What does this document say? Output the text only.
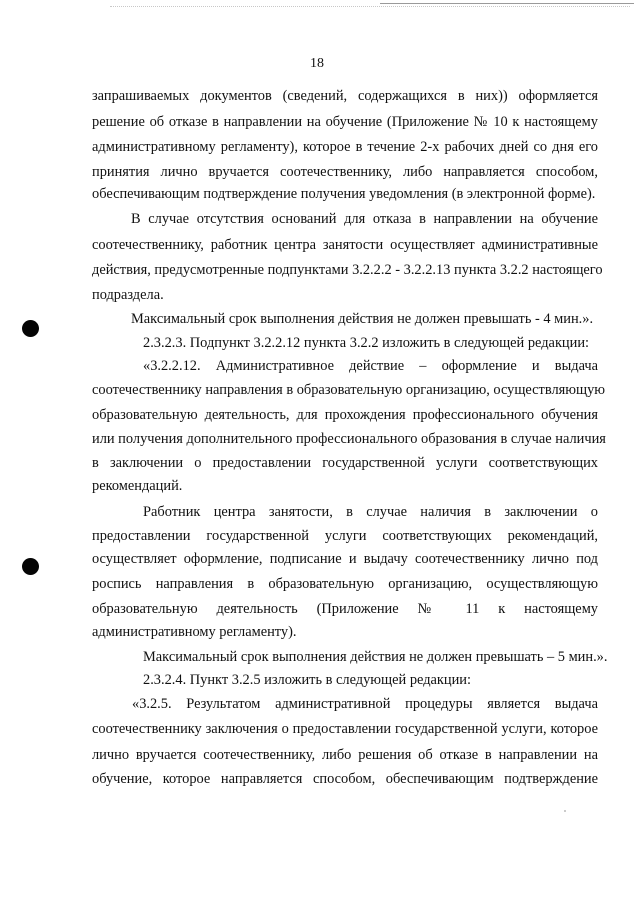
18
запрашиваемых документов (сведений, содержащихся в них)) оформляется
решение об отказе в направлении на обучение (Приложение № 10 к настоящему
административному регламенту), которое в течение 2-х рабочих дней со дня его
принятия лично вручается соотечественнику, либо направляется способом,
обеспечивающим подтверждение получения уведомления (в электронной форме).
В случае отсутствия оснований для отказа в направлении на обучение
соотечественнику, работник центра занятости осуществляет административные
действия, предусмотренные подпунктами 3.2.2.2 - 3.2.2.13 пункта 3.2.2 настоящего
подраздела.
Максимальный срок выполнения действия не должен превышать - 4 мин.».
2.3.2.3. Подпункт 3.2.2.12 пункта 3.2.2 изложить в следующей редакции:
«3.2.2.12. Административное действие – оформление и выдача
соотечественнику направления в образовательную организацию, осуществляющую
образовательную деятельность, для прохождения профессионального обучения
или получения дополнительного профессионального образования в случае наличия
в заключении о предоставлении государственной услуги соответствующих
рекомендаций.
Работник центра занятости, в случае наличия в заключении о
предоставлении государственной услуги соответствующих рекомендаций,
осуществляет оформление, подписание и выдачу соотечественнику лично под
роспись направления в образовательную организацию, осуществляющую
образовательную деятельность (Приложение № 11 к настоящему
административному регламенту).
Максимальный срок выполнения действия не должен превышать – 5 мин.».
2.3.2.4. Пункт 3.2.5 изложить в следующей редакции:
«3.2.5. Результатом административной процедуры является выдача
соотечественнику заключения о предоставлении государственной услуги, которое
лично вручается соотечественнику, либо решения об отказе в направлении на
обучение, которое направляется способом, обеспечивающим подтверждение
